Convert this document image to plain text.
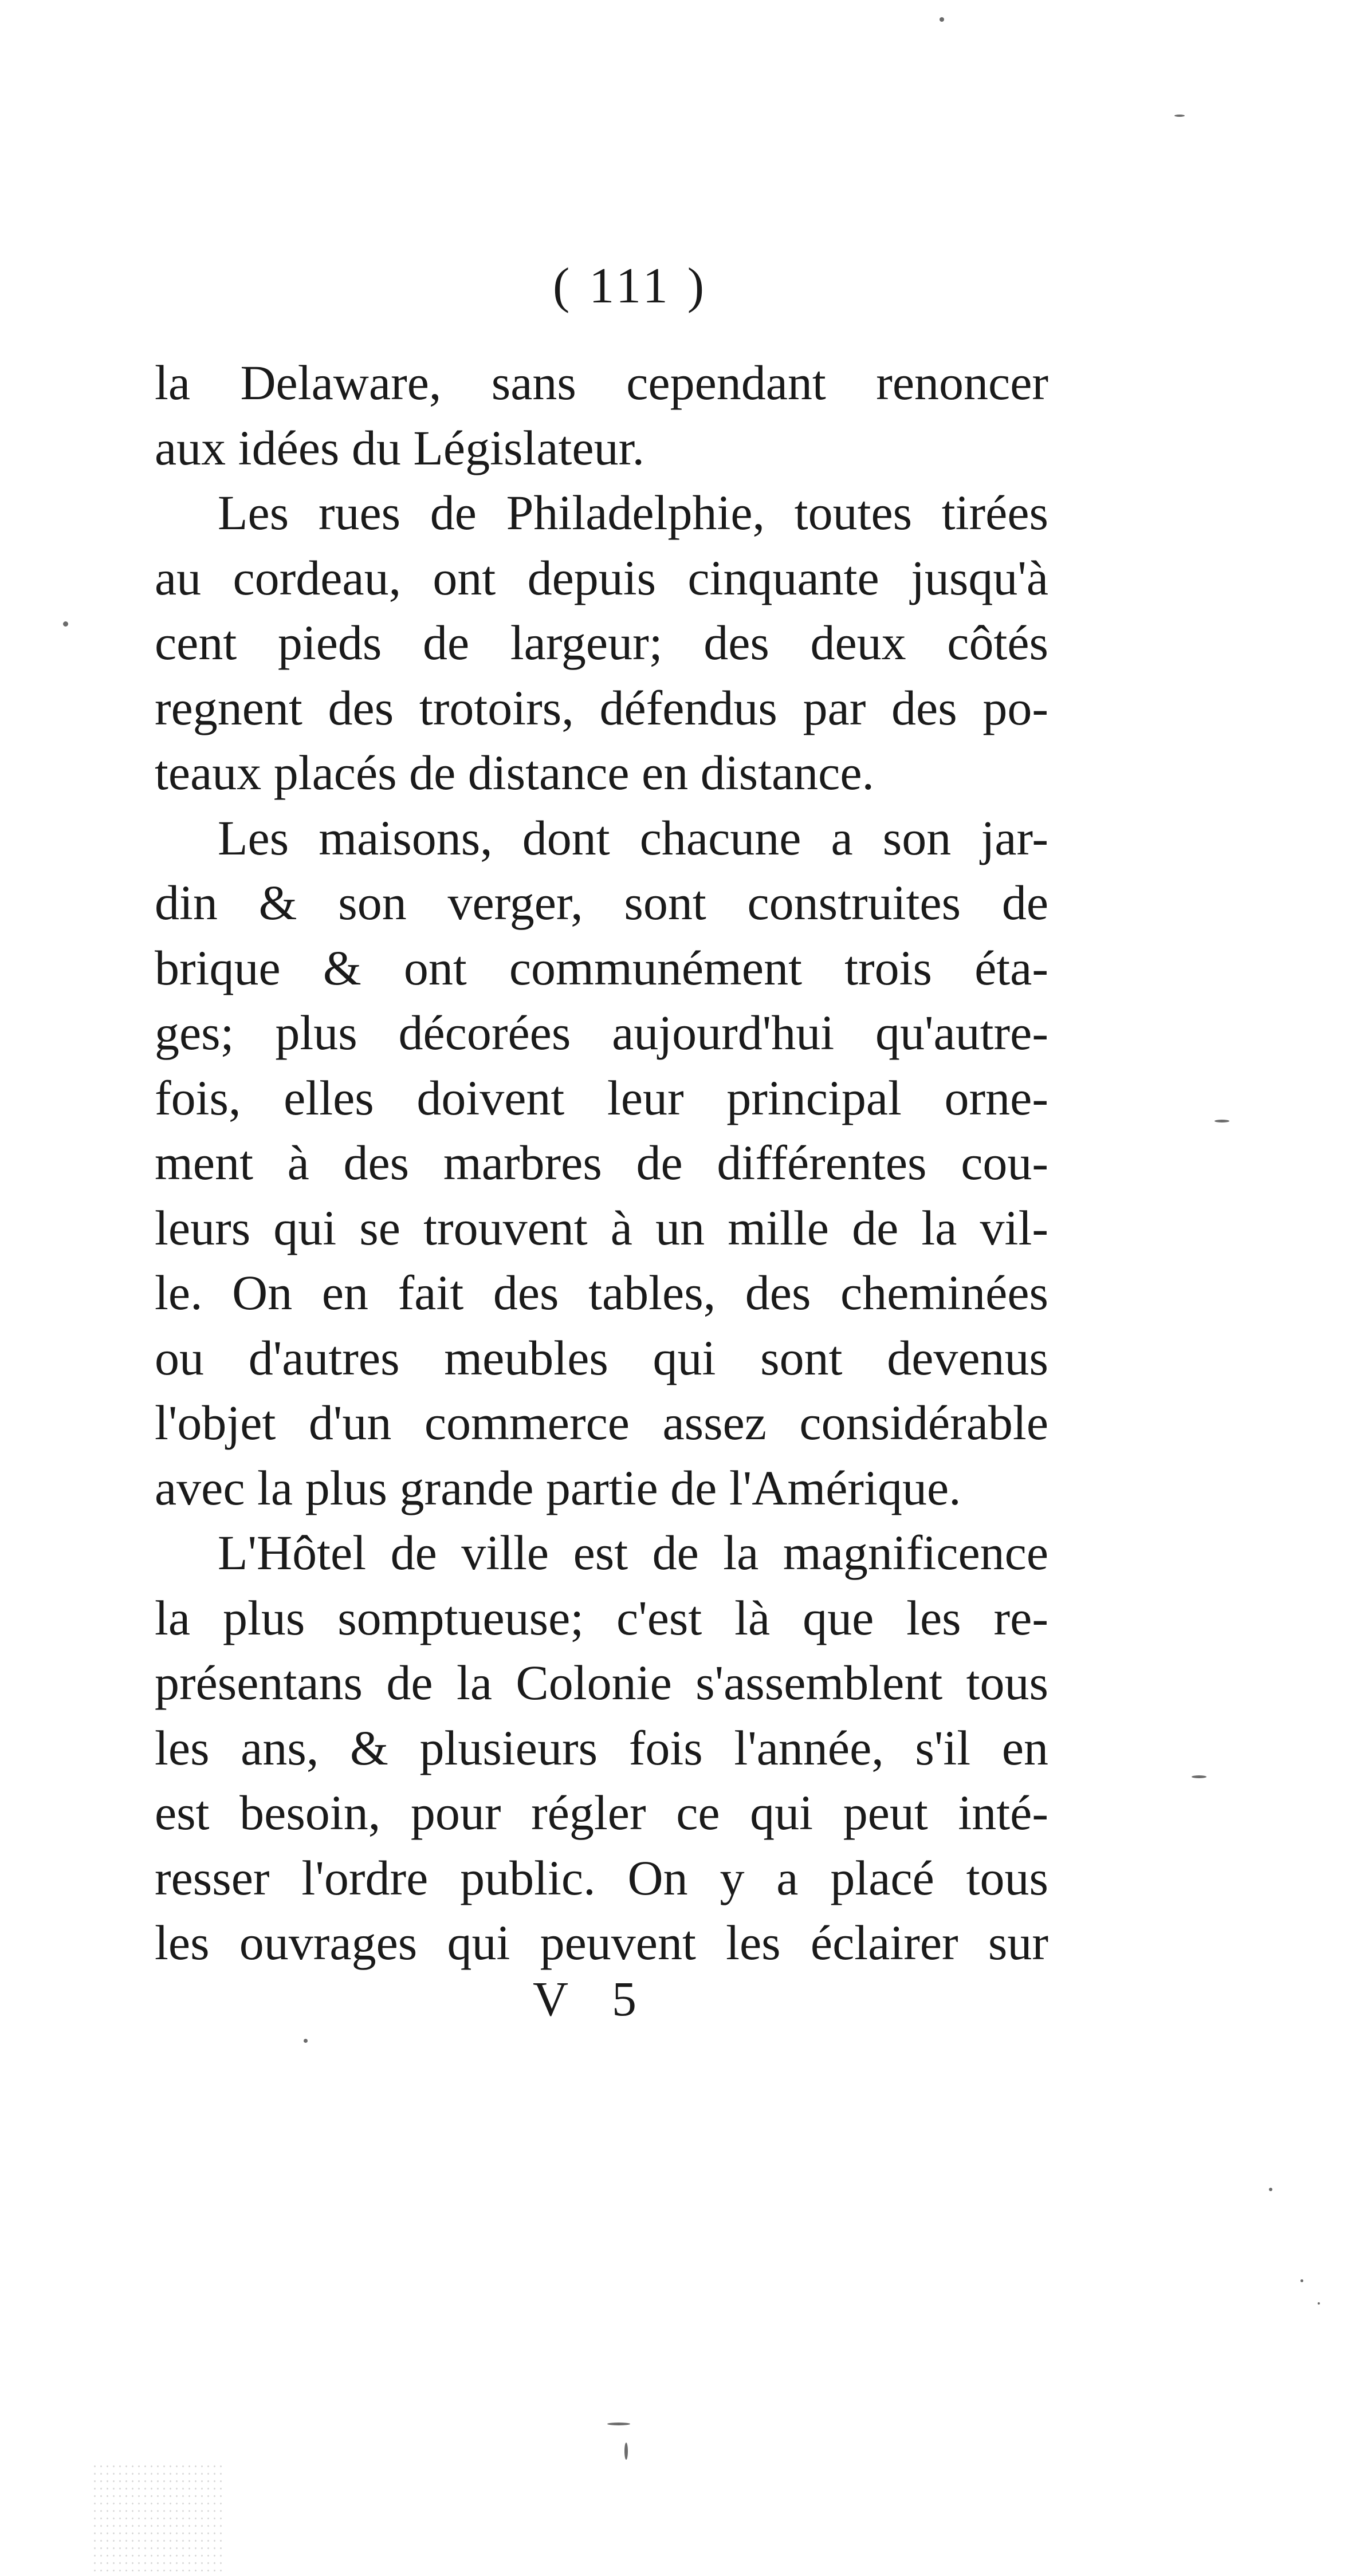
( 111 )
la Delaware, sans cependant renoncer
aux idées du Législateur.
Les rues de Philadelphie, toutes tirées
au cordeau, ont depuis cinquante jusqu'à
cent pieds de largeur; des deux côtés
regnent des trotoirs, défendus par des po-
teaux placés de distance en distance.
Les maisons, dont chacune a son jar-
din & son verger, sont construites de
brique & ont communément trois éta-
ges; plus décorées aujourd'hui qu'autre-
fois, elles doivent leur principal orne-
ment à des marbres de différentes cou-
leurs qui se trouvent à un mille de la vil-
le. On en fait des tables, des cheminées
ou d'autres meubles qui sont devenus
l'objet d'un commerce assez considérable
avec la plus grande partie de l'Amérique.
L'Hôtel de ville est de la magnificence
la plus somptueuse; c'est là que les re-
présentans de la Colonie s'assemblent tous
les ans, & plusieurs fois l'année, s'il en
est besoin, pour régler ce qui peut inté-
resser l'ordre public. On y a placé tous
les ouvrages qui peuvent les éclairer sur
V 5
